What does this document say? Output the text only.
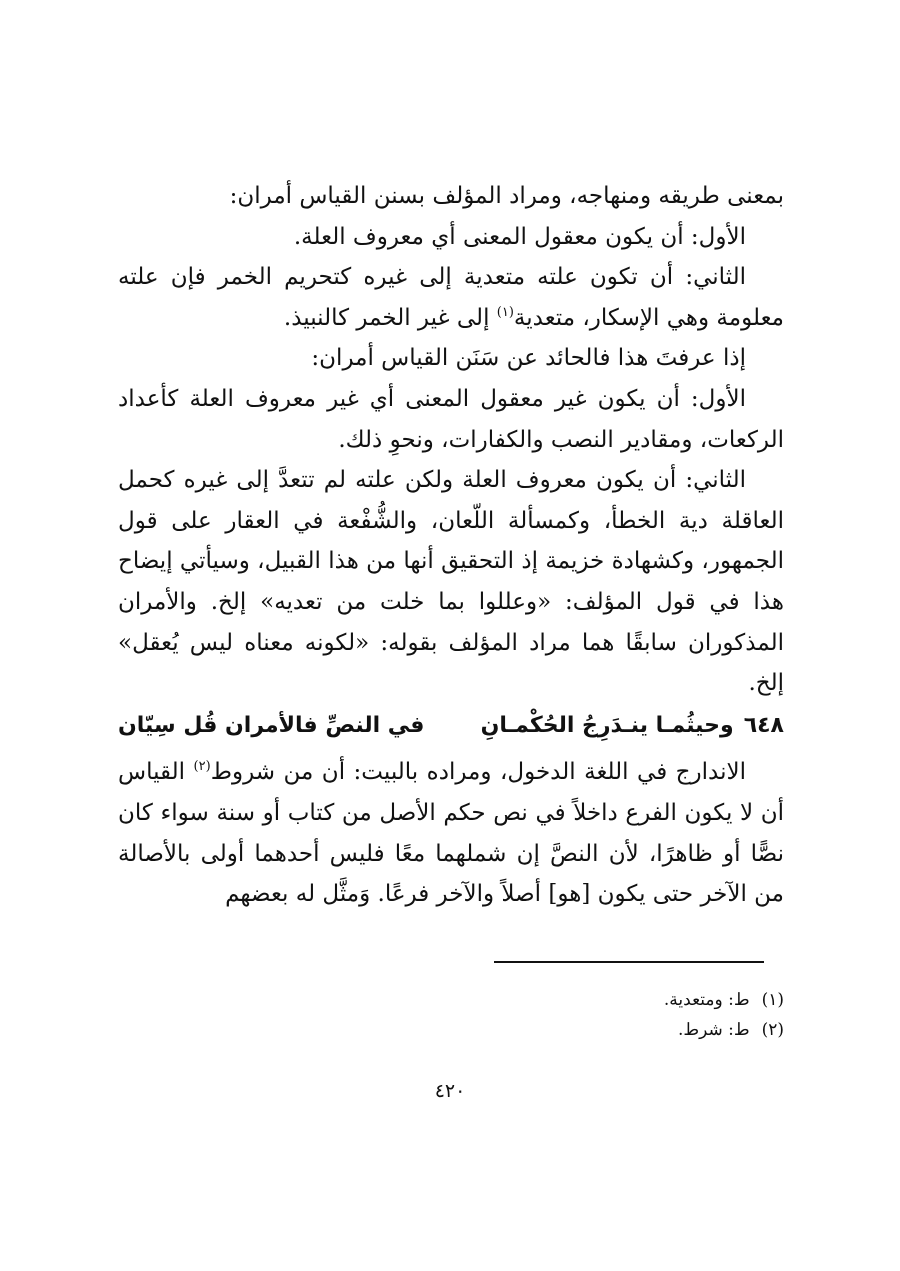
بمعنى طريقه ومنهاجه، ومراد المؤلف بسنن القياس أمران:

الأول: أن يكون معقول المعنى أي معروف العلة.

الثاني: أن تكون علته متعدية إلى غيره كتحريم الخمر فإن علته معلومة وهي الإسكار، متعدية$^{(١)}$ إلى غير الخمر كالنبيذ.

إذا عرفتَ هذا فالحائد عن سَنَن القياس أمران:

الأول: أن يكون غير معقول المعنى أي غير معروف العلة كأعداد الركعات، ومقادير النصب والكفارات، ونحوِ ذلك.

الثاني: أن يكون معروف العلة ولكن علته لم تتعدَّ إلى غيره كحمل العاقلة دية الخطأ، وكمسألة اللّعان، والشُّفْعة في العقار على قول الجمهور، وكشهادة خزيمة إذ التحقيق أنها من هذا القبيل، وسيأتي إيضاح هذا في قول المؤلف: «وعللوا بما خلت من تعديه» إلخ. والأمران المذكوران سابقًا هما مراد المؤلف بقوله: «لكونه معناه ليس يُعقل» إلخ.

٦٤٨وحيثُمـا ينـدَرِجُ الحُكْمـانِ
في النصِّ فالأمران قُل سِيّان

الاندارج في اللغة الدخول، ومراده بالبيت: أن من شروط$^{(٢)}$ القياس أن لا يكون الفرع داخلاً في نص حكم الأصل من كتاب أو سنة سواء كان نصًّا أو ظاهرًا، لأن النصَّ إن شملهما معًا فليس أحدهما أولى بالأصالة من الآخر حتى يكون [هو] أصلاً والآخر فرعًا. وَمثَّل له بعضهم

(١)
ط: ومتعدية.
(٢)
ط: شرط.
٤٢٠
